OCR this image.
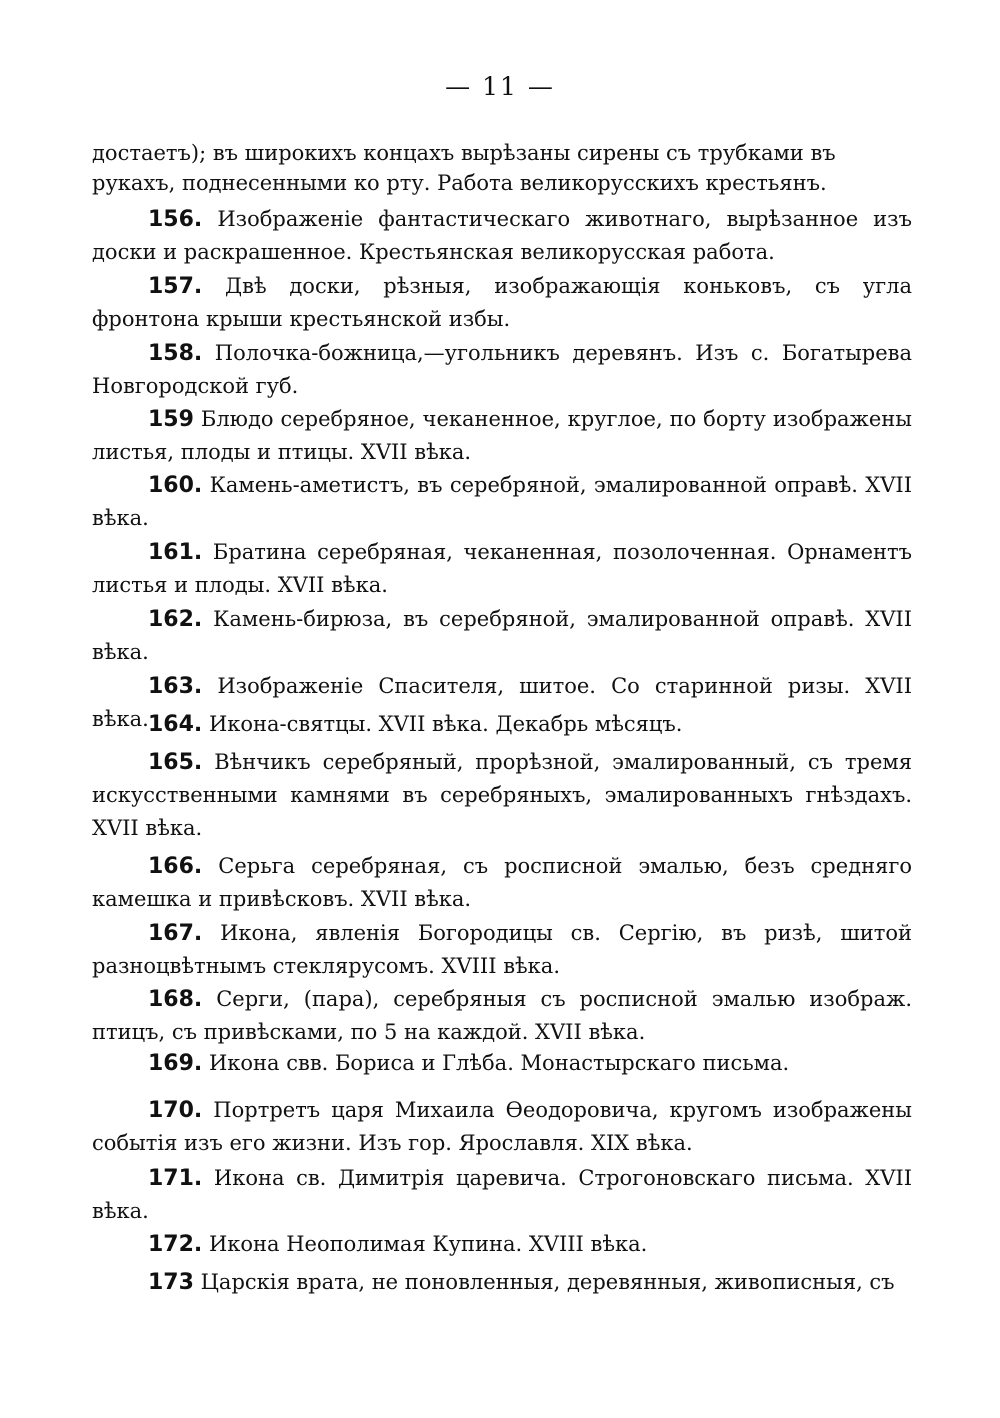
— 11 —
достаетъ); въ широкихъ концахъ вырѣзаны сирены съ трубками въ
рукахъ, поднесенными ко рту. Работа великорусскихъ крестьянъ.
156. Изображенiе фантастическаго животнаго, вырѣзанное изъ доски и раскрашенное. Крестьянская великорусская работа.
157. Двѣ доски, рѣзныя, изображающiя коньковъ, съ угла фронтона крыши крестьянской избы.
158. Полочка-божница,—угольникъ деревянъ. Изъ с. Богатырева Новгородской губ.
159 Блюдо серебряное, чеканенное, круглое, по борту изображены листья, плоды и птицы. XVII вѣка.
160. Камень-аметистъ, въ серебряной, эмалированной оправѣ. XVII вѣка.
161. Братина серебряная, чеканенная, позолоченная. Орнаментъ листья и плоды. XVII вѣка.
162. Камень-бирюза, въ серебряной, эмалированной оправѣ. XVII вѣка.
163. Изображенiе Спасителя, шитое. Со старинной ризы. XVII вѣка. 164. Икона-святцы. XVII вѣка. Декабрь мѣсяцъ.
165. Вѣнчикъ серебряный, прорѣзной, эмалированный, съ тремя искусственными камнями въ серебряныхъ, эмалированныхъ гнѣздахъ. XVII вѣка.
166. Серьга серебряная, съ росписной эмалью, безъ средняго камешка и привѣсковъ. XVII вѣка.
167. Икона, явленiя Богородицы св. Сергiю, въ ризѣ, шитой разноцвѣтнымъ стеклярусомъ. XVIII вѣка.
168. Серги, (пара), серебряныя съ росписной эмалью изображ. птицъ, съ привѣсками, по 5 на каждой. XVII вѣка.
169. Икона свв. Бориса и Глѣба. Монастырскаго письма.
170. Портретъ царя Михаила Ѳеодоровича, кругомъ изображены событiя изъ его жизни. Изъ гор. Ярославля. XIX вѣка.
171. Икона св. Димитрiя царевича. Строгоновскаго письма. XVII вѣка.
172. Икона Неополимая Купина. XVIII вѣка.
173 Царскiя врата, не поновленныя, деревянныя, живописныя, съ
